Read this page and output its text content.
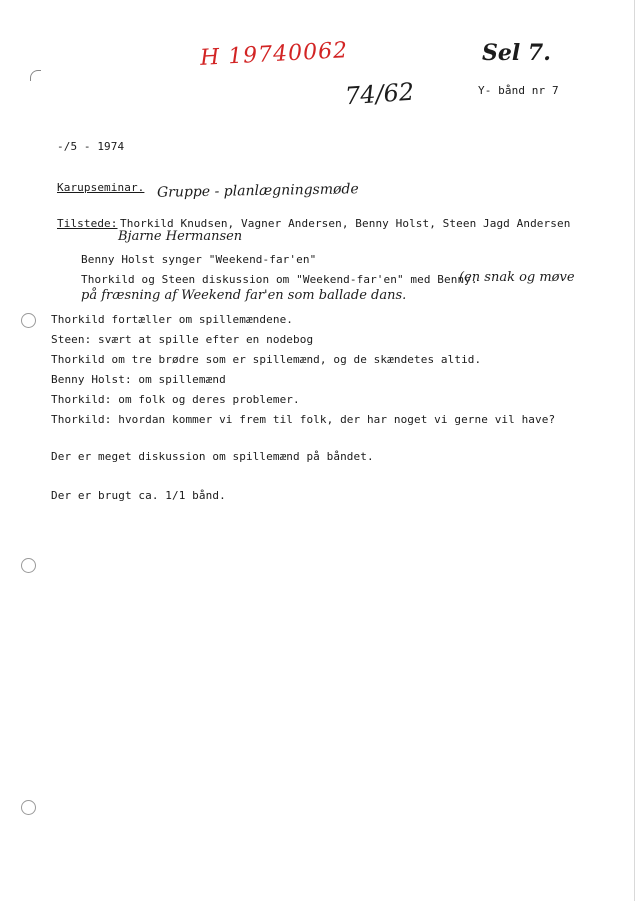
H 19740062
74/62
Sel 7.
Y- bånd nr 7
-/5 - 1974
Karupseminar. Gruppe - planlægningsmøde
Tilstede: Thorkild Knudsen, Vagner Andersen, Benny Holst, Steen Jagd Andersen
Bjarne Hermansen
Benny Holst synger "Weekend-far'en"
Thorkild og Steen diskussion om "Weekend-far'en" med Benny.
(en snak og møve
på fræsning af Weekend far'en som ballade dans.
Thorkild fortæller om spillemændene.
Steen: svært at spille efter en nodebog
Thorkild om tre brødre som er spillemænd, og de skændetes altid.
Benny Holst: om spillemænd
Thorkild: om folk og deres problemer.
Thorkild: hvordan kommer vi frem til folk, der har noget vi gerne vil have?
Der er meget diskussion om spillemænd på båndet.
Der er brugt ca. 1/1 bånd.
